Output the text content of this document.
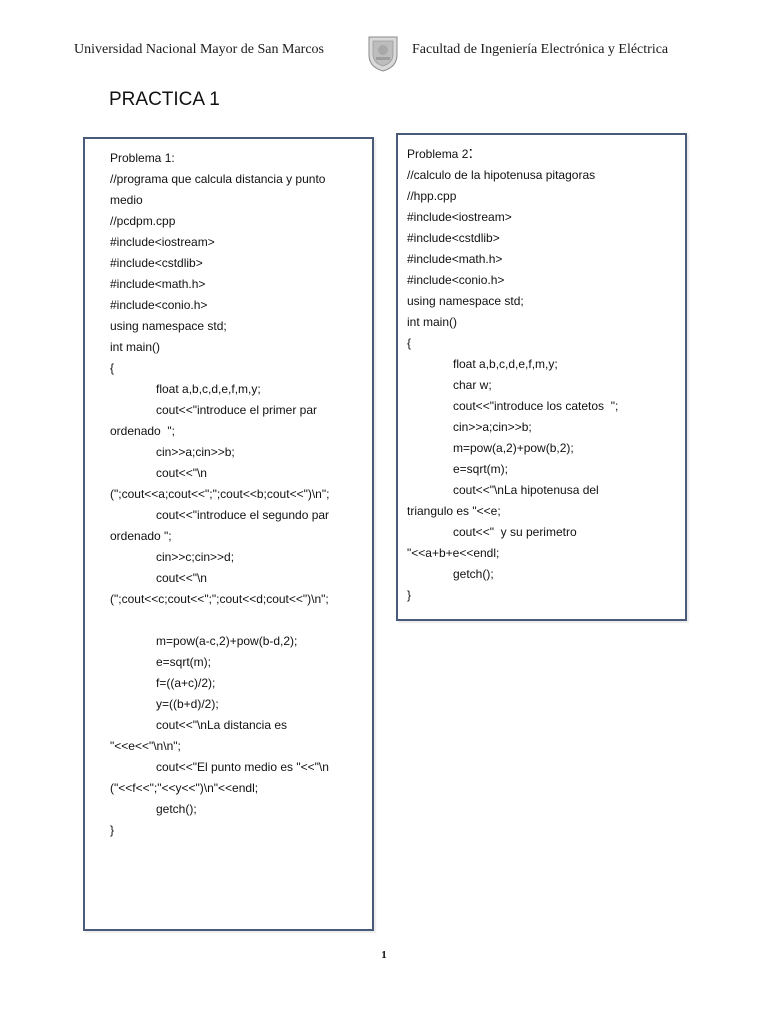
Universidad Nacional Mayor de San Marcos	Facultad de Ingeniería Electrónica y Eléctrica
PRACTICA 1
Problema 1:
//programa que calcula distancia y punto
medio
//pcdpm.cpp
#include<iostream>
#include<cstdlib>
#include<math.h>
#include<conio.h>
using namespace std;
int main()
{
float a,b,c,d,e,f,m,y;
cout<<"introduce el primer par
ordenado  ";
cin>>a;cin>>b;
cout<<"\n
(";cout<<a;cout<<";";cout<<b;cout<<")\n";
cout<<"introduce el segundo par
ordenado ";
cin>>c;cin>>d;
cout<<"\n
(";cout<<c;cout<<";";cout<<d;cout<<")\n";
m=pow(a-c,2)+pow(b-d,2);
e=sqrt(m);
f=((a+c)/2);
y=((b+d)/2);
cout<<"\nLa distancia es
"<<e<<"\n\n";
cout<<"El punto medio es "<<"\n
("<<f<<";"<<y<<")\n"<<endl;
getch();
}
Problema 2:
//calculo de la hipotenusa pitagoras
//hpp.cpp
#include<iostream>
#include<cstdlib>
#include<math.h>
#include<conio.h>
using namespace std;
int main()
{
float a,b,c,d,e,f,m,y;
char w;
cout<<"introduce los catetos  ";
cin>>a;cin>>b;
m=pow(a,2)+pow(b,2);
e=sqrt(m);
cout<<"\nLa hipotenusa del
triangulo es "<<e;
cout<<"  y su perimetro
"<<a+b+e<<endl;
getch();
}
1
